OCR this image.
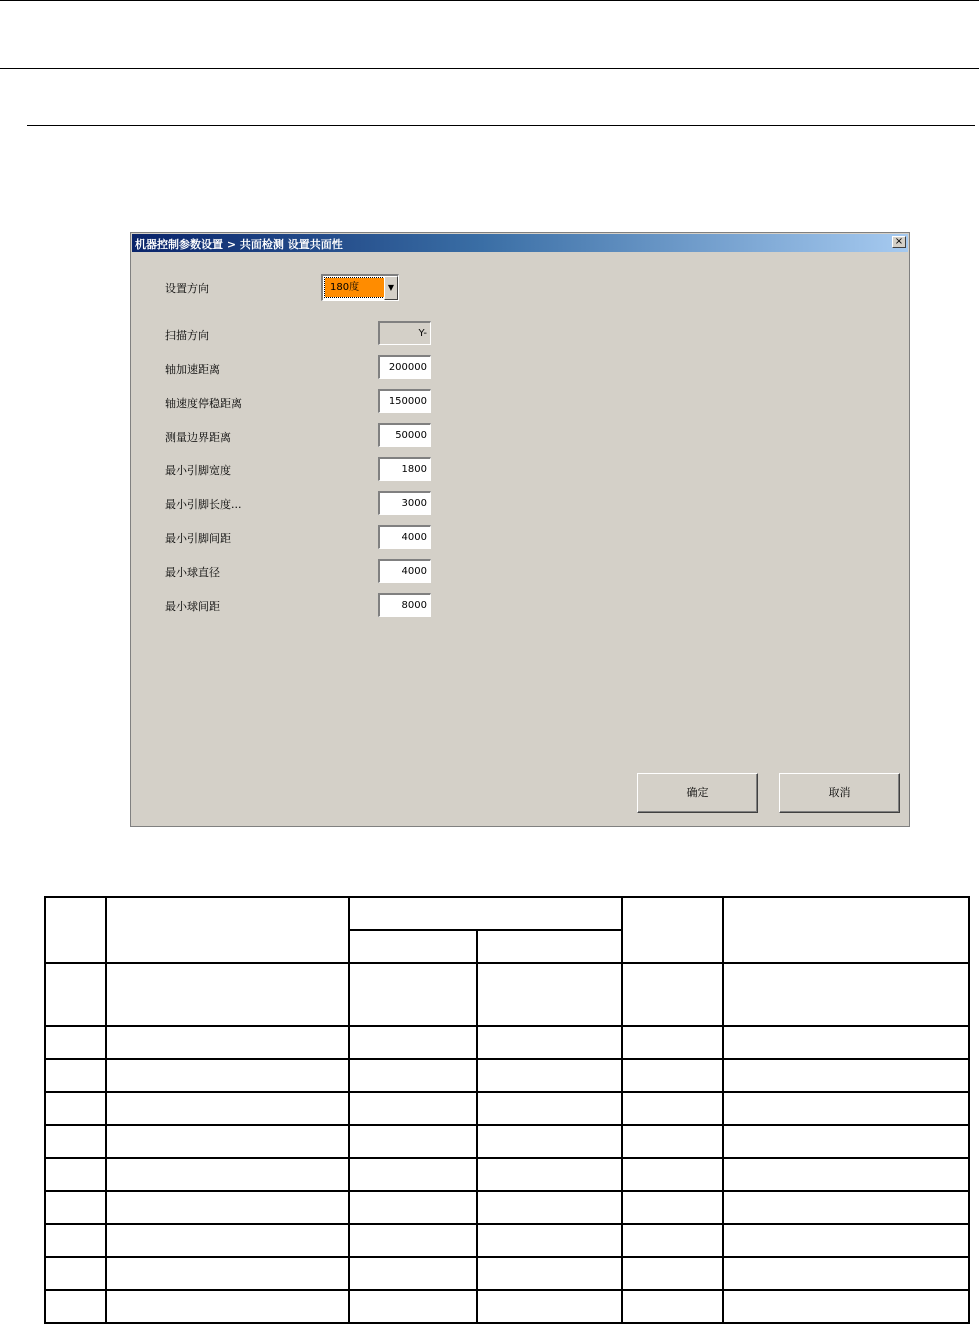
机器控制参数设置 > 共面检测 设置共面性	×
设置方向	180度	▼
扫描方向	Y-
轴加速距离	200000
轴速度停稳距离	150000
测量边界距离	50000
最小引脚宽度	1800
最小引脚长度...	3000
最小引脚间距	4000
最小球直径	4000
最小球间距	8000
确定	取消
